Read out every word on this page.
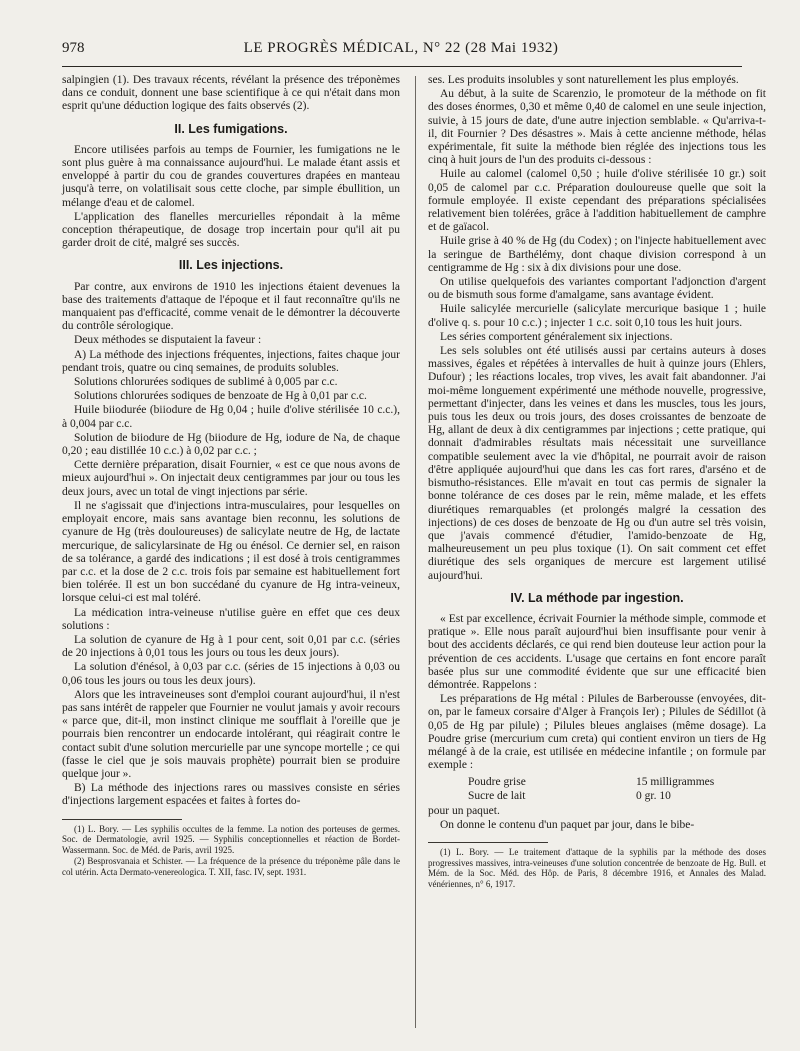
978	LE PROGRÈS MÉDICAL, N° 22 (28 Mai 1932)

salpingien (1). Des travaux récents, révélant la présence des tréponèmes dans ce conduit, donnent une base scientifique à ce qui n'était dans mon esprit qu'une déduction logique des faits observés (2).

II. Les fumigations.

Encore utilisées parfois au temps de Fournier, les fumigations ne le sont plus guère à ma connaissance aujourd'hui. Le malade étant assis et enveloppé à partir du cou de grandes couvertures drapées en manteau jusqu'à terre, on volatilisait sous cette cloche, par simple ébullition, un mélange d'eau et de calomel.

L'application des flanelles mercurielles répondait à la même conception thérapeutique, de dosage trop incertain pour qu'il ait pu garder droit de cité, malgré ses succès.

III. Les injections.

Par contre, aux environs de 1910 les injections étaient devenues la base des traitements d'attaque de l'époque et il faut reconnaître qu'ils ne manquaient pas d'efficacité, comme venait de le démontrer la découverte du contrôle sérologique.

Deux méthodes se disputaient la faveur :

A) La méthode des injections fréquentes, injections, faites chaque jour pendant trois, quatre ou cinq semaines, de produits solubles.

Solutions chlorurées sodiques de sublimé à 0,005 par c.c.

Solutions chlorurées sodiques de benzoate de Hg à 0,01 par c.c.

Huile biiodurée (biiodure de Hg 0,04 ; huile d'olive stérilisée 10 c.c.), à 0,004 par c.c.

Solution de biiodure de Hg (biiodure de Hg, iodure de Na, de chaque 0,20 ; eau distillée 10 c.c.) à 0,02 par c.c. ;

Cette dernière préparation, disait Fournier, « est ce que nous avons de mieux aujourd'hui ». On injectait deux centigrammes par jour ou tous les deux jours, avec un total de vingt injections par série.

Il ne s'agissait que d'injections intra-musculaires, pour lesquelles on employait encore, mais sans avantage bien reconnu, les solutions de cyanure de Hg (très douloureuses) de salicylate neutre de Hg, de lactate mercurique, de salicylarsinate de Hg ou énésol. Ce dernier sel, en raison de sa tolérance, a gardé des indications ; il est dosé à trois centigrammes par c.c. et la dose de 2 c.c. trois fois par semaine est habituellement fort bien tolérée. Il est un bon succédané du cyanure de Hg intra-veineux, lorsque celui-ci est mal toléré.

La médication intra-veineuse n'utilise guère en effet que ces deux solutions :

La solution de cyanure de Hg à 1 pour cent, soit 0,01 par c.c. (séries de 20 injections à 0,01 tous les jours ou tous les deux jours).

La solution d'énésol, à 0,03 par c.c. (séries de 15 injections à 0,03 ou 0,06 tous les jours ou tous les deux jours).

Alors que les intraveineuses sont d'emploi courant aujourd'hui, il n'est pas sans intérêt de rappeler que Fournier ne voulut jamais y avoir recours « parce que, dit-il, mon instinct clinique me soufflait à l'oreille que je pourrais bien rencontrer un endocarde intolérant, qui réagirait contre le contact subit d'une solution mercurielle par une syncope mortelle ; ce qui (fasse le ciel que je sois mauvais prophète) pourrait bien se produire quelque jour ».

B) La méthode des injections rares ou massives consiste en séries d'injections largement espacées et faites à fortes do-

(1) L. Bory. — Les syphilis occultes de la femme. La notion des porteuses de germes. Soc. de Dermatologie, avril 1925. — Syphilis conceptionnelles et réaction de Bordet-Wassermann. Soc. de Méd. de Paris, avril 1925.

(2) Besprosvanaia et Schister. — La fréquence de la présence du tréponème pâle dans le col utérin. Acta Dermato-venereologica. T. XII, fasc. IV, sept. 1931.

ses. Les produits insolubles y sont naturellement les plus employés.

Au début, à la suite de Scarenzio, le promoteur de la méthode on fit des doses énormes, 0,30 et même 0,40 de calomel en une seule injection, suivie, à 15 jours de date, d'une autre injection semblable. « Qu'arriva-t-il, dit Fournier ? Des désastres ». Mais à cette ancienne méthode, hélas expérimentale, fit suite la méthode bien réglée des injections tous les cinq à huit jours de l'un des produits ci-dessous :

Huile au calomel (calomel 0,50 ; huile d'olive stérilisée 10 gr.) soit 0,05 de calomel par c.c. Préparation douloureuse quelle que soit la formule employée. Il existe cependant des préparations spécialisées relativement bien tolérées, grâce à l'addition habituellement de camphre et de gaïacol.

Huile grise à 40 % de Hg (du Codex) ; on l'injecte habituellement avec la seringue de Barthélémy, dont chaque division correspond à un centigramme de Hg : six à dix divisions pour une dose.

On utilise quelquefois des variantes comportant l'adjonction d'argent ou de bismuth sous forme d'amalgame, sans avantage évident.

Huile salicylée mercurielle (salicylate mercurique basique 1 ; huile d'olive q. s. pour 10 c.c.) ; injecter 1 c.c. soit 0,10 tous les huit jours.

Les séries comportent généralement six injections.

Les sels solubles ont été utilisés aussi par certains auteurs à doses massives, égales et répétées à intervalles de huit à quinze jours (Ehlers, Dufour) ; les réactions locales, trop vives, les avait fait abandonner. J'ai moi-même longuement expérimenté une méthode nouvelle, progressive, permettant d'injecter, dans les veines et dans les muscles, tous les jours, puis tous les deux ou trois jours, des doses croissantes de benzoate de Hg, allant de deux à dix centigrammes par injections ; cette pratique, qui donnait d'admirables résultats mais nécessitait une surveillance compatible seulement avec la vie d'hôpital, ne pourrait avoir de raison d'être appliquée aujourd'hui que dans les cas fort rares, d'arséno et de bismutho-résistances. Elle m'avait en tout cas permis de signaler la bonne tolérance de ces doses par le rein, même malade, et les effets diurétiques remarquables (et prolongés malgré la cessation des injections) de ces doses de benzoate de Hg ou d'un autre sel très voisin, que j'avais commencé d'étudier, l'amido-benzoate de Hg, malheureusement un peu plus toxique (1). On sait comment cet effet diurétique des sels organiques de mercure est largement utilisé aujourd'hui.

IV. La méthode par ingestion.

« Est par excellence, écrivait Fournier la méthode simple, commode et pratique ». Elle nous paraît aujourd'hui bien insuffisante pour venir à bout des accidents déclarés, ce qui rend bien douteuse leur action pour la prévention de ces accidents. L'usage que certains en font encore paraît basée plus sur une commodité évidente que sur une efficacité bien démontrée. Rappelons :

Les préparations de Hg métal : Pilules de Barberousse (envoyées, dit-on, par le fameux corsaire d'Alger à François Ier) ; Pilules de Sédillot (à 0,05 de Hg par pilule) ; Pilules bleues anglaises (même dosage). La Poudre grise (mercurium cum creta) qui contient environ un tiers de Hg mélangé à de la craie, est utilisée en médecine infantile ; on formule par exemple :

Poudre grise	15 milligrammes
Sucre de lait	0 gr. 10

pour un paquet.

On donne le contenu d'un paquet par jour, dans le bibe-

(1) L. Bory. — Le traitement d'attaque de la syphilis par la méthode des doses progressives massives, intra-veineuses d'une solution concentrée de benzoate de Hg. Bull. et Mém. de la Soc. Méd. des Hôp. de Paris, 8 décembre 1916, et Annales des Malad. vénériennes, n° 6, 1917.
